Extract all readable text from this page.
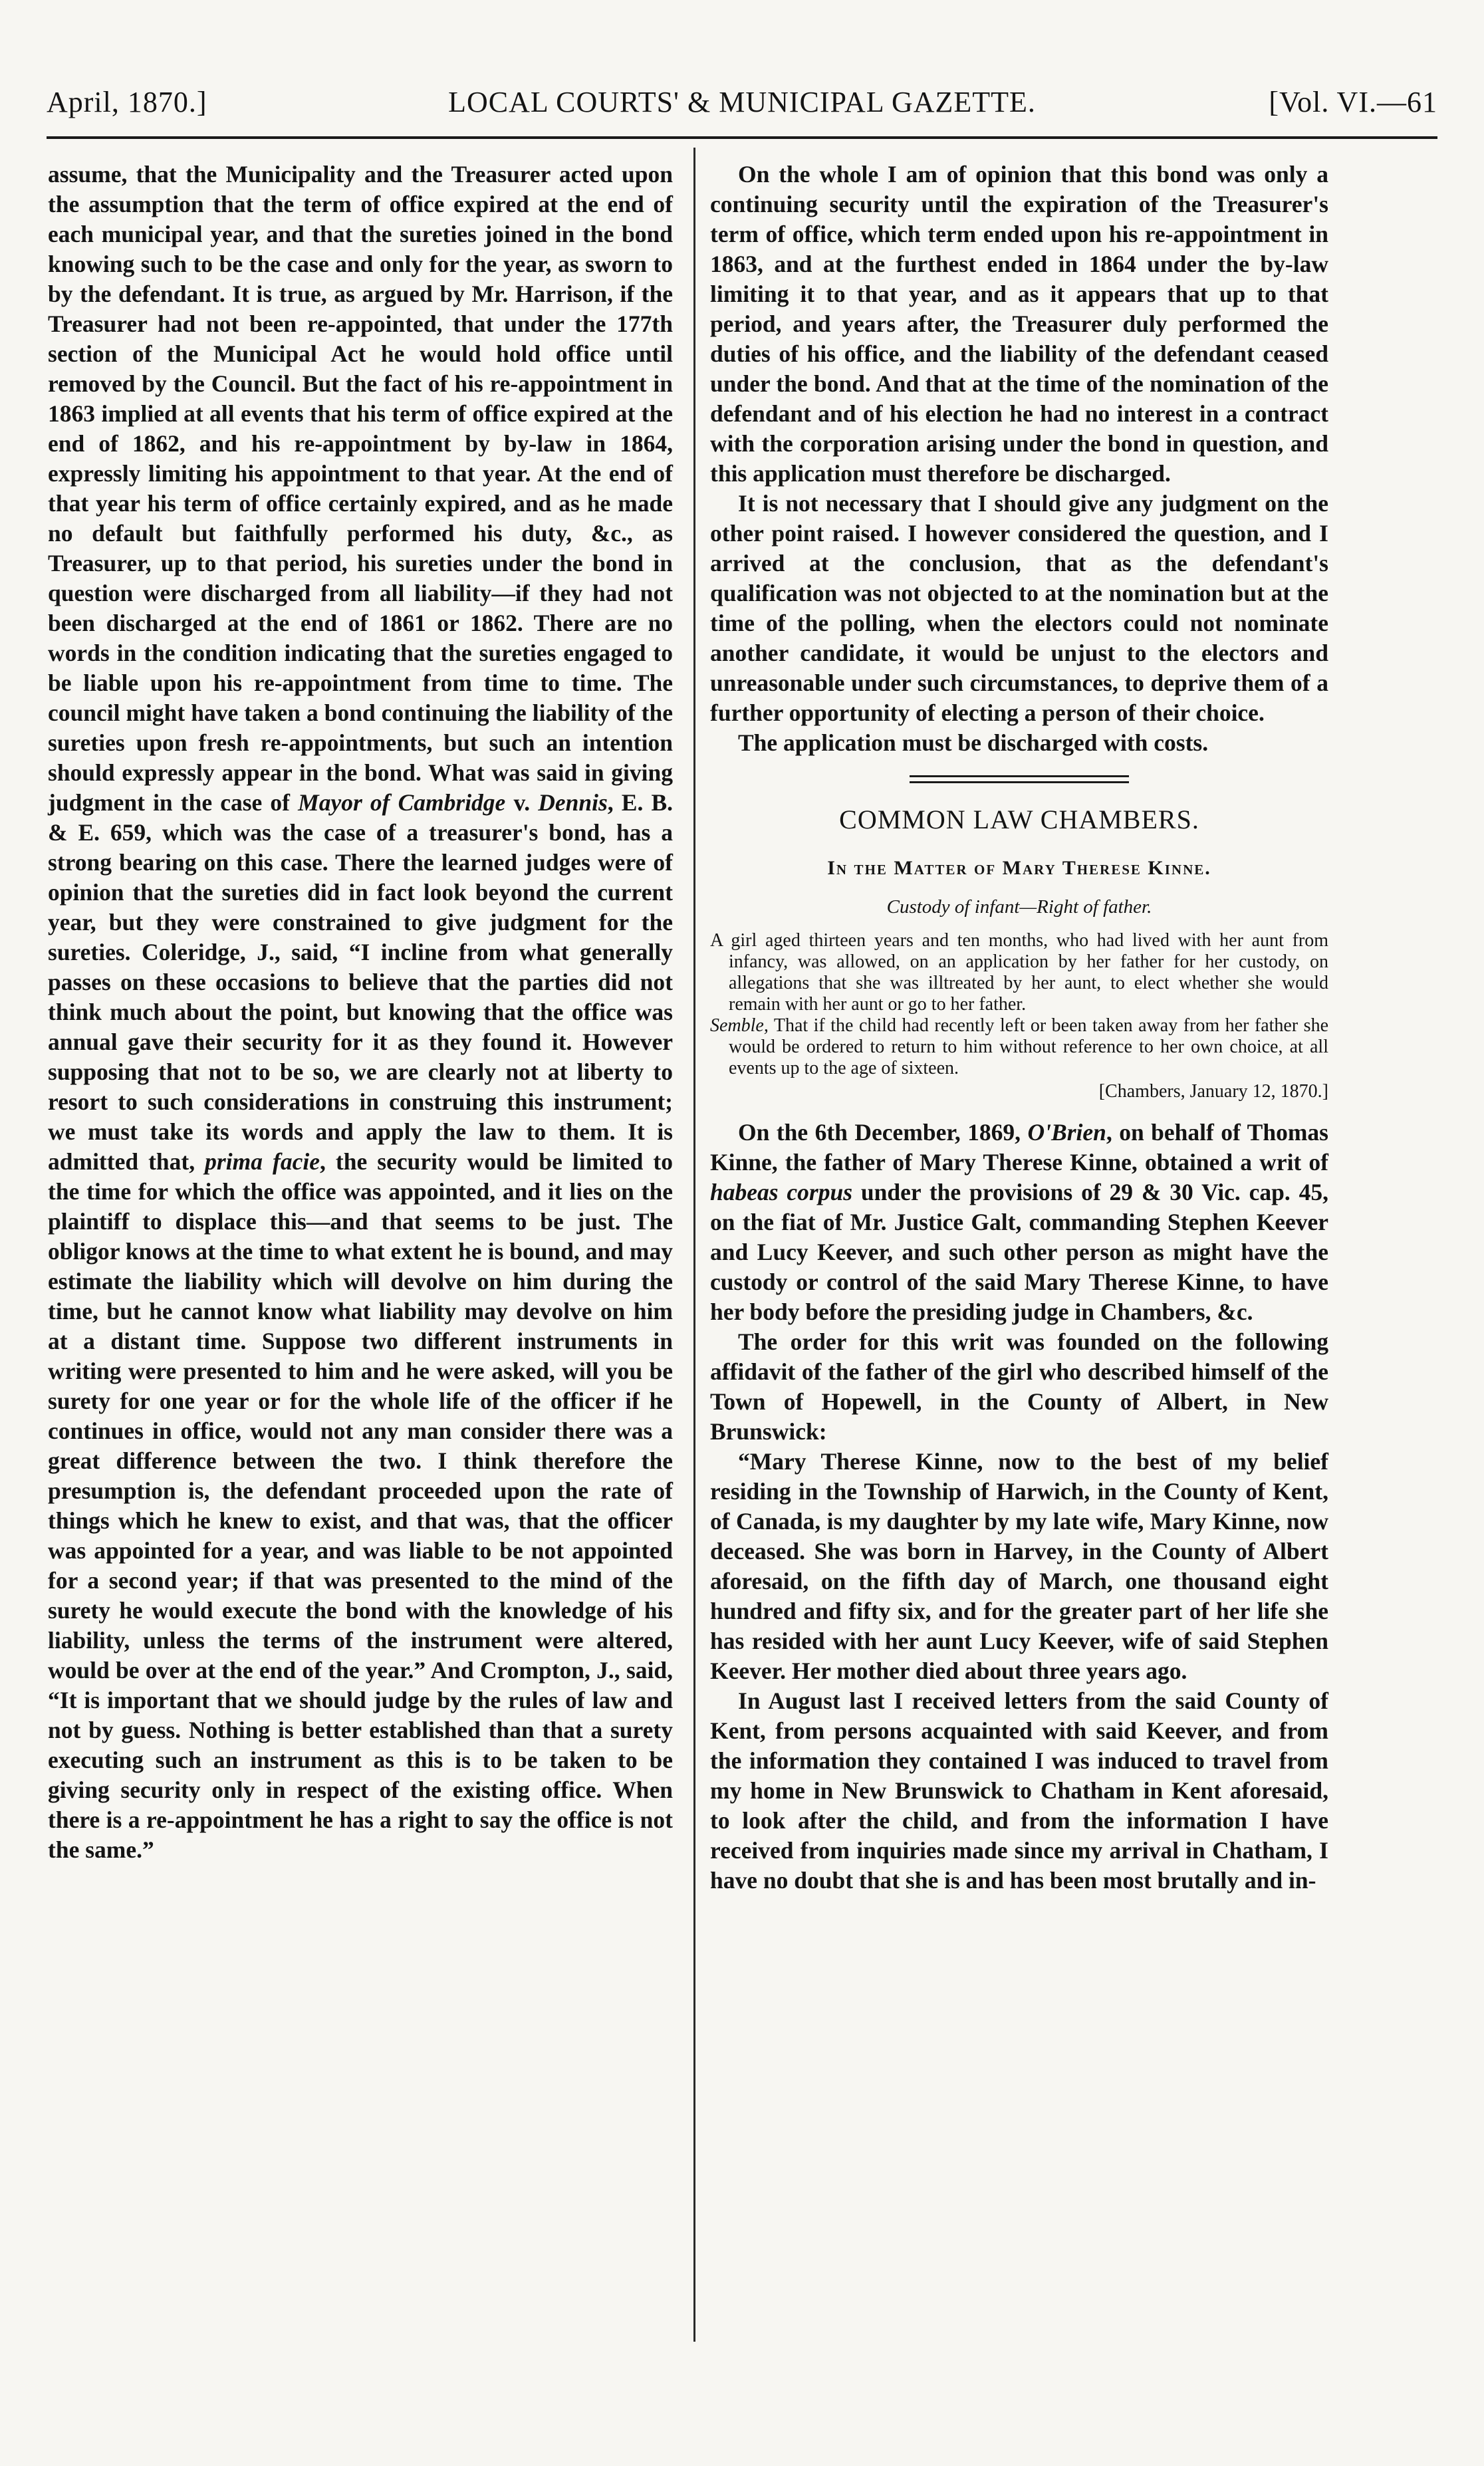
April, 1870.]	LOCAL COURTS' & MUNICIPAL GAZETTE.	[Vol. VI.—61

assume, that the Municipality and the Treasurer acted upon the assumption that the term of office expired at the end of each municipal year, and that the sureties joined in the bond knowing such to be the case and only for the year, as sworn to by the defendant. It is true, as argued by Mr. Harrison, if the Treasurer had not been re-appointed, that under the 177th section of the Municipal Act he would hold office until removed by the Council. But the fact of his re-appointment in 1863 implied at all events that his term of office expired at the end of 1862, and his re-appointment by by-law in 1864, expressly limiting his appointment to that year. At the end of that year his term of office certainly expired, and as he made no default but faithfully performed his duty, &c., as Treasurer, up to that period, his sureties under the bond in question were discharged from all liability—if they had not been discharged at the end of 1861 or 1862. There are no words in the condition indicating that the sureties engaged to be liable upon his re-appointment from time to time. The council might have taken a bond continuing the liability of the sureties upon fresh re-appointments, but such an intention should expressly appear in the bond. What was said in giving judgment in the case of Mayor of Cambridge v. Dennis, E. B. & E. 659, which was the case of a treasurer's bond, has a strong bearing on this case. There the learned judges were of opinion that the sureties did in fact look beyond the current year, but they were constrained to give judgment for the sureties. Coleridge, J., said, “I incline from what generally passes on these occasions to believe that the parties did not think much about the point, but knowing that the office was annual gave their security for it as they found it. However supposing that not to be so, we are clearly not at liberty to resort to such considerations in construing this instrument; we must take its words and apply the law to them. It is admitted that, prima facie, the security would be limited to the time for which the office was appointed, and it lies on the plaintiff to displace this—and that seems to be just. The obligor knows at the time to what extent he is bound, and may estimate the liability which will devolve on him during the time, but he cannot know what liability may devolve on him at a distant time. Suppose two different instruments in writing were presented to him and he were asked, will you be surety for one year or for the whole life of the officer if he continues in office, would not any man consider there was a great difference between the two. I think therefore the presumption is, the defendant proceeded upon the rate of things which he knew to exist, and that was, that the officer was appointed for a year, and was liable to be not appointed for a second year; if that was presented to the mind of the surety he would execute the bond with the knowledge of his liability, unless the terms of the instrument were altered, would be over at the end of the year.” And Crompton, J., said, “It is important that we should judge by the rules of law and not by guess. Nothing is better established than that a surety executing such an instrument as this is to be taken to be giving security only in respect of the existing office. When there is a re-appointment he has a right to say the office is not the same.”

On the whole I am of opinion that this bond was only a continuing security until the expiration of the Treasurer's term of office, which term ended upon his re-appointment in 1863, and at the furthest ended in 1864 under the by-law limiting it to that year, and as it appears that up to that period, and years after, the Treasurer duly performed the duties of his office, and the liability of the defendant ceased under the bond. And that at the time of the nomination of the defendant and of his election he had no interest in a contract with the corporation arising under the bond in question, and this application must therefore be discharged.

It is not necessary that I should give any judgment on the other point raised. I however considered the question, and I arrived at the conclusion, that as the defendant's qualification was not objected to at the nomination but at the time of the polling, when the electors could not nominate another candidate, it would be unjust to the electors and unreasonable under such circumstances, to deprive them of a further opportunity of electing a person of their choice.

The application must be discharged with costs.

COMMON LAW CHAMBERS.
In the Matter of Mary Therese Kinne.
Custody of infant—Right of father.

A girl aged thirteen years and ten months, who had lived with her aunt from infancy, was allowed, on an application by her father for her custody, on allegations that she was illtreated by her aunt, to elect whether she would remain with her aunt or go to her father.

Semble, That if the child had recently left or been taken away from her father she would be ordered to return to him without reference to her own choice, at all events up to the age of sixteen.

[Chambers, January 12, 1870.]

On the 6th December, 1869, O'Brien, on behalf of Thomas Kinne, the father of Mary Therese Kinne, obtained a writ of habeas corpus under the provisions of 29 & 30 Vic. cap. 45, on the fiat of Mr. Justice Galt, commanding Stephen Keever and Lucy Keever, and such other person as might have the custody or control of the said Mary Therese Kinne, to have her body before the presiding judge in Chambers, &c.

The order for this writ was founded on the following affidavit of the father of the girl who described himself of the Town of Hopewell, in the County of Albert, in New Brunswick:

“Mary Therese Kinne, now to the best of my belief residing in the Township of Harwich, in the County of Kent, of Canada, is my daughter by my late wife, Mary Kinne, now deceased. She was born in Harvey, in the County of Albert aforesaid, on the fifth day of March, one thousand eight hundred and fifty six, and for the greater part of her life she has resided with her aunt Lucy Keever, wife of said Stephen Keever. Her mother died about three years ago.

In August last I received letters from the said County of Kent, from persons acquainted with said Keever, and from the information they contained I was induced to travel from my home in New Brunswick to Chatham in Kent aforesaid, to look after the child, and from the information I have received from inquiries made since my arrival in Chatham, I have no doubt that she is and has been most brutally and in-
